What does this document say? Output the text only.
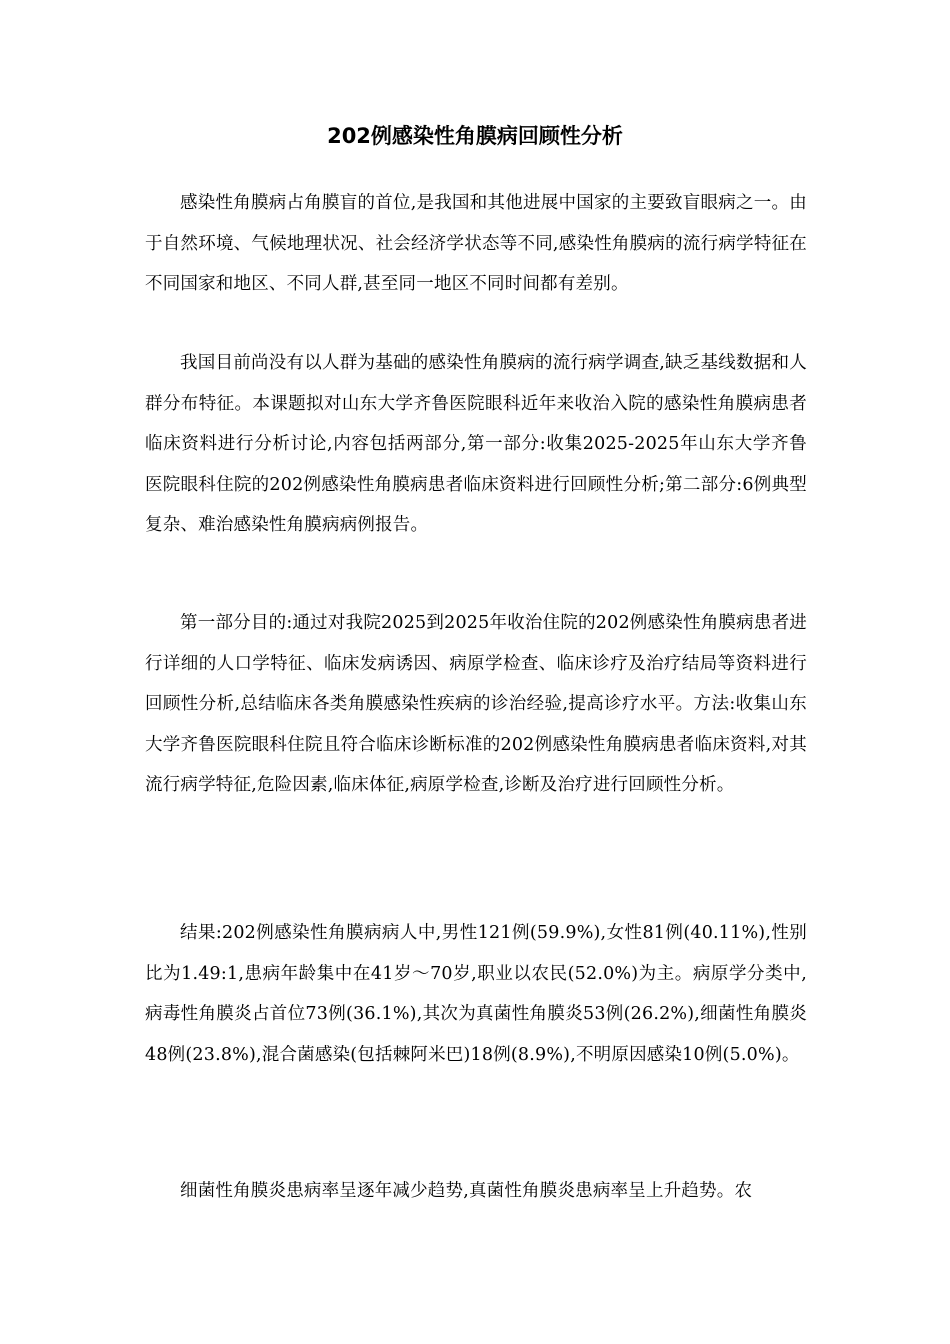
202例感染性角膜病回顾性分析

感染性角膜病占角膜盲的首位,是我国和其他进展中国家的主要致盲眼病之一。由于自然环境、气候地理状况、社会经济学状态等不同,感染性角膜病的流行病学特征在不同国家和地区、不同人群,甚至同一地区不同时间都有差别。

我国目前尚没有以人群为基础的感染性角膜病的流行病学调查,缺乏基线数据和人群分布特征。本课题拟对山东大学齐鲁医院眼科近年来收治入院的感染性角膜病患者临床资料进行分析讨论,内容包括两部分,第一部分:收集2025-2025年山东大学齐鲁医院眼科住院的202例感染性角膜病患者临床资料进行回顾性分析;第二部分:6例典型复杂、难治感染性角膜病病例报告。

第一部分目的:通过对我院2025到2025年收治住院的202例感染性角膜病患者进行详细的人口学特征、临床发病诱因、病原学检查、临床诊疗及治疗结局等资料进行回顾性分析,总结临床各类角膜感染性疾病的诊治经验,提高诊疗水平。方法:收集山东大学齐鲁医院眼科住院且符合临床诊断标准的202例感染性角膜病患者临床资料,对其流行病学特征,危险因素,临床体征,病原学检查,诊断及治疗进行回顾性分析。

结果:202例感染性角膜病病人中,男性121例(59.9%),女性81例(40.11%),性别比为1.49:1,患病年龄集中在41岁～70岁,职业以农民(52.0%)为主。病原学分类中,病毒性角膜炎占首位73例(36.1%),其次为真菌性角膜炎53例(26.2%),细菌性角膜炎48例(23.8%),混合菌感染(包括棘阿米巴)18例(8.9%),不明原因感染10例(5.0%)。

细菌性角膜炎患病率呈逐年减少趋势,真菌性角膜炎患病率呈上升趋势。农
